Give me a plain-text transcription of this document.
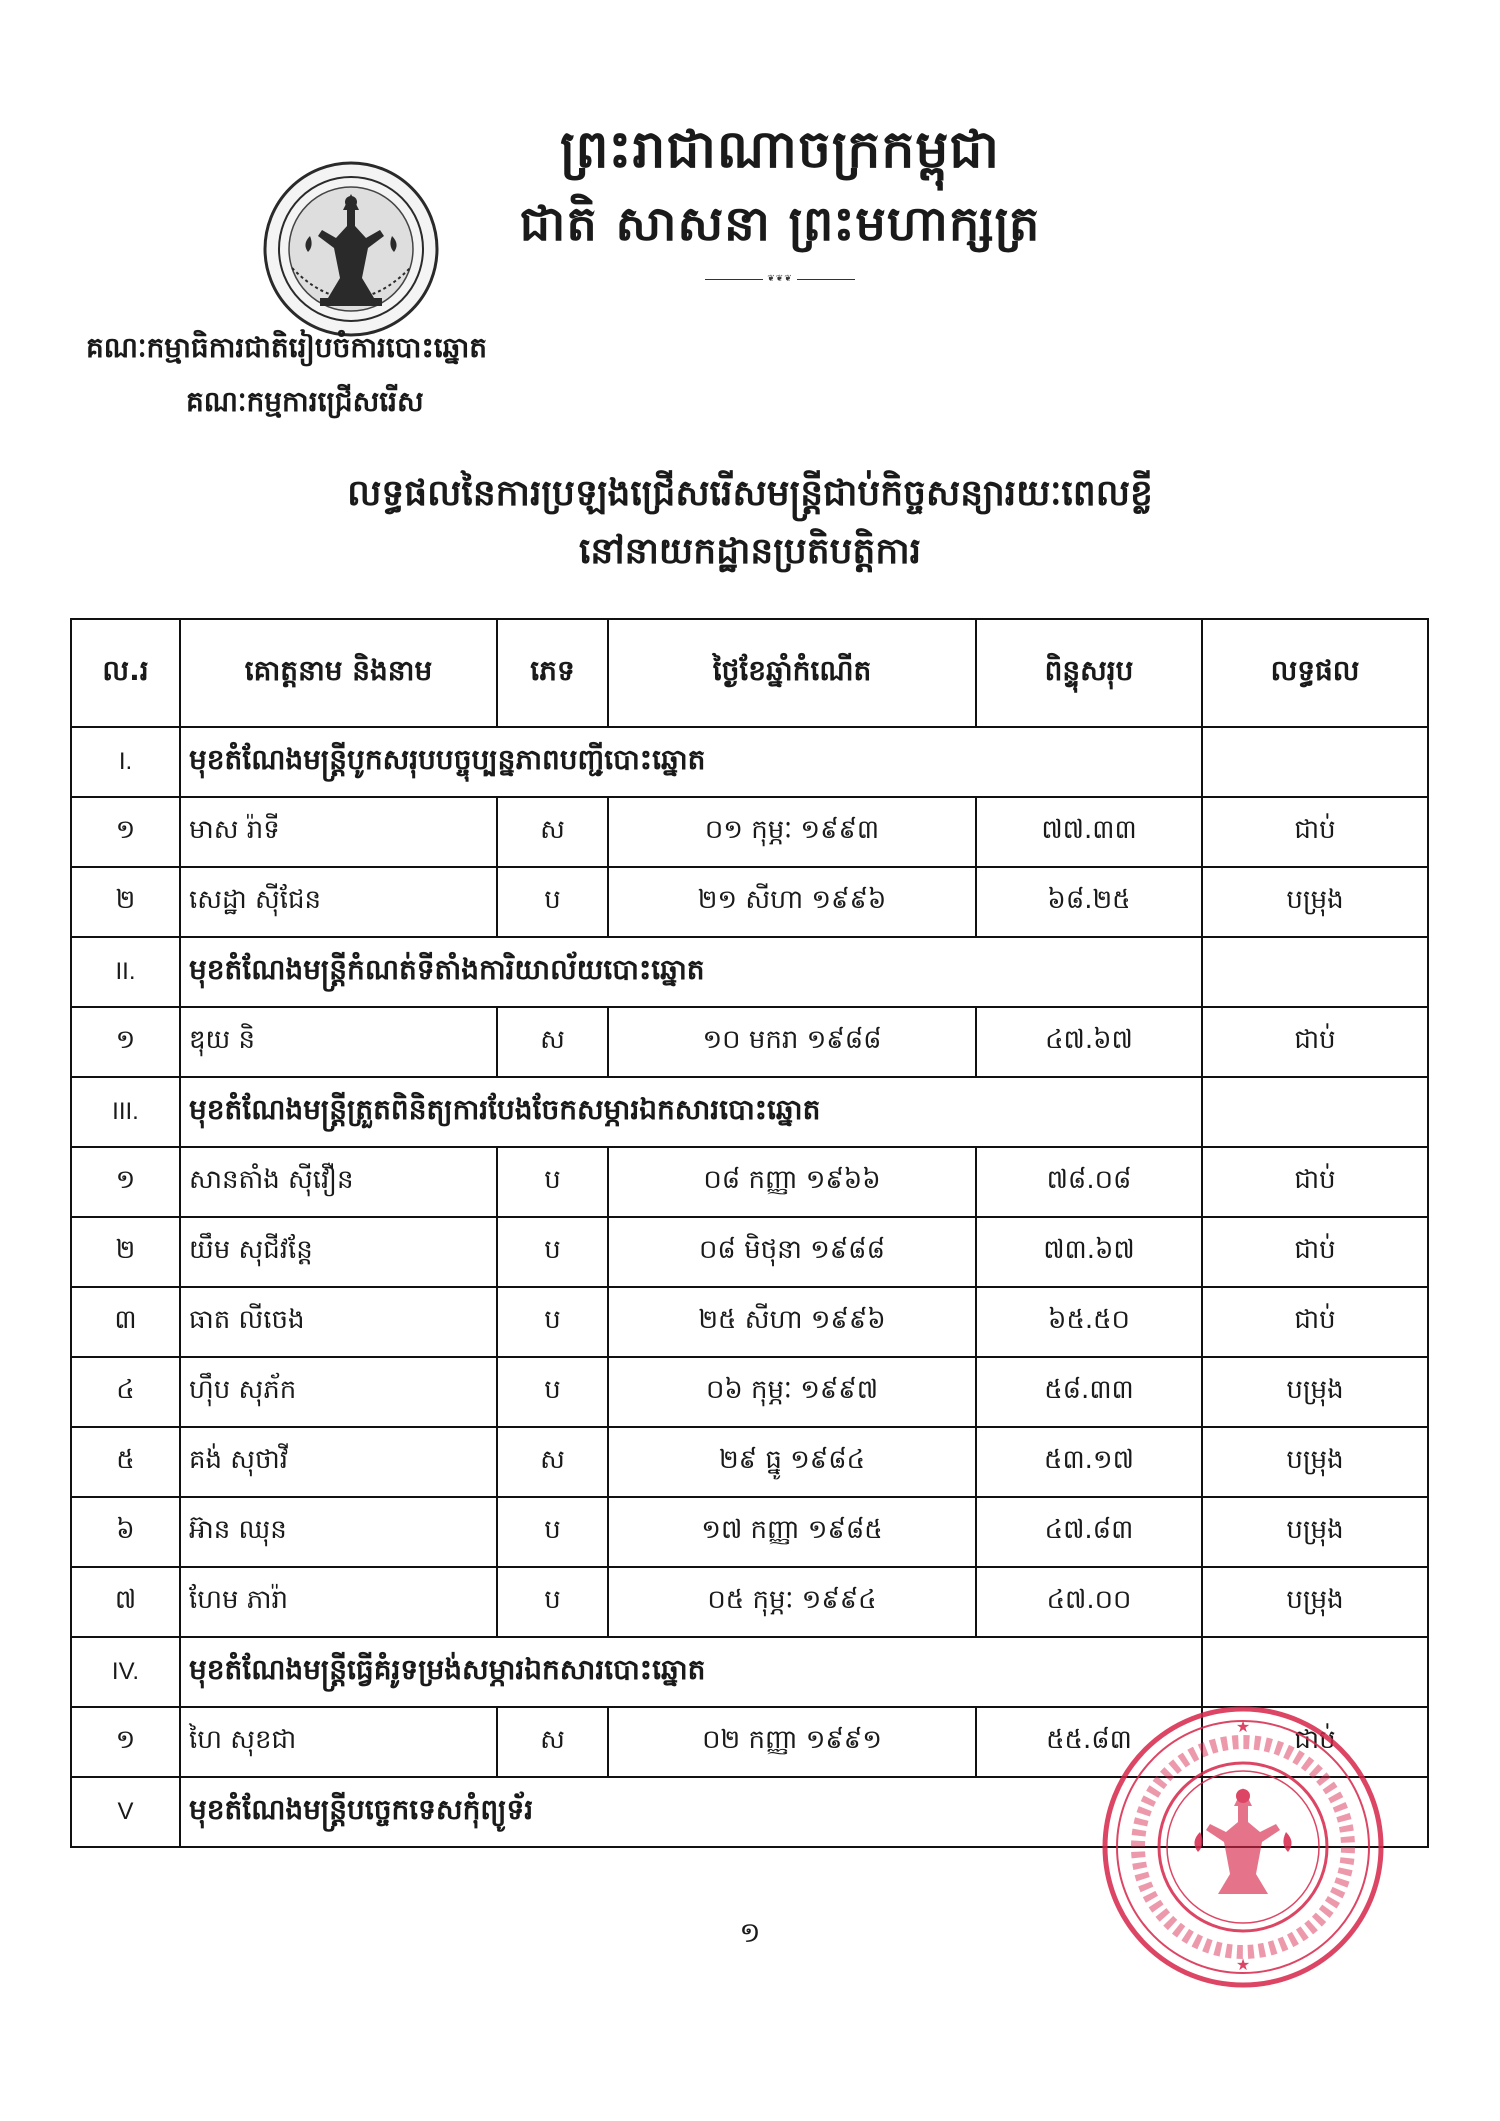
ព្រះរាជាណាចក្រកម្ពុជា
ជាតិ សាសនា ព្រះមហាក្សត្រ
❦❦❦
គណៈកម្មាធិការជាតិរៀបចំការបោះឆ្នោត
គណៈកម្មការជ្រើសរើស
លទ្ធផលនៃការប្រឡងជ្រើសរើសមន្ត្រីជាប់កិច្ចសន្យារយៈពេលខ្លី
នៅនាយកដ្ឋានប្រតិបត្តិការ
ល.រ	គោត្តនាម និងនាម	ភេទ	ថ្ងៃខែឆ្នាំកំណើត	ពិន្ទុសរុប	លទ្ធផល
I.	មុខតំណែងមន្ត្រីបូកសរុបបច្ចុប្បន្នភាពបញ្ជីបោះឆ្នោត				
១	មាស រ៉ាទី	ស	០១ កុម្ភៈ ១៩៩៣	៧៧.៣៣	ជាប់
២	សេដ្ឋា ស៊ីជែន	ប	២១ សីហា ១៩៩៦	៦៨.២៥	បម្រុង
II.	មុខតំណែងមន្ត្រីកំណត់ទីតាំងការិយាល័យបោះឆ្នោត				
១	ឌុយ និ	ស	១០ មករា ១៩៨៨	៤៧.៦៧	ជាប់
III.	មុខតំណែងមន្ត្រីត្រួតពិនិត្យការបែងចែកសម្ភារឯកសារបោះឆ្នោត				
១	សានតាំង ស៊ីវឿន	ប	០៨ កញ្ញា ១៩៦៦	៧៨.០៨	ជាប់
២	យឹម សុជីវន្តែ	ប	០៨ មិថុនា ១៩៨៨	៧៣.៦៧	ជាប់
៣	ធាត លីចេង	ប	២៥ សីហា ១៩៩៦	៦៥.៥០	ជាប់
៤	ហ៊ឹប សុភ័ក	ប	០៦ កុម្ភៈ ១៩៩៧	៥៨.៣៣	បម្រុង
៥	គង់ សុថាវី	ស	២៩ ធ្នូ ១៩៨៤	៥៣.១៧	បម្រុង
៦	អ៊ាន ឈុន	ប	១៧ កញ្ញា ១៩៨៥	៤៧.៨៣	បម្រុង
៧	ហែម ភារ៉ា	ប	០៥ កុម្ភៈ ១៩៩៤	៤៧.០០	បម្រុង
IV.	មុខតំណែងមន្ត្រីធ្វើគំរូទម្រង់សម្ភារឯកសារបោះឆ្នោត				
១	ហៃ សុខជា	ស	០២ កញ្ញា ១៩៩១	៥៥.៨៣	ជាប់
V	មុខតំណែងមន្ត្រីបច្ចេកទេសកុំព្យូទ័រ				
១
★
★
